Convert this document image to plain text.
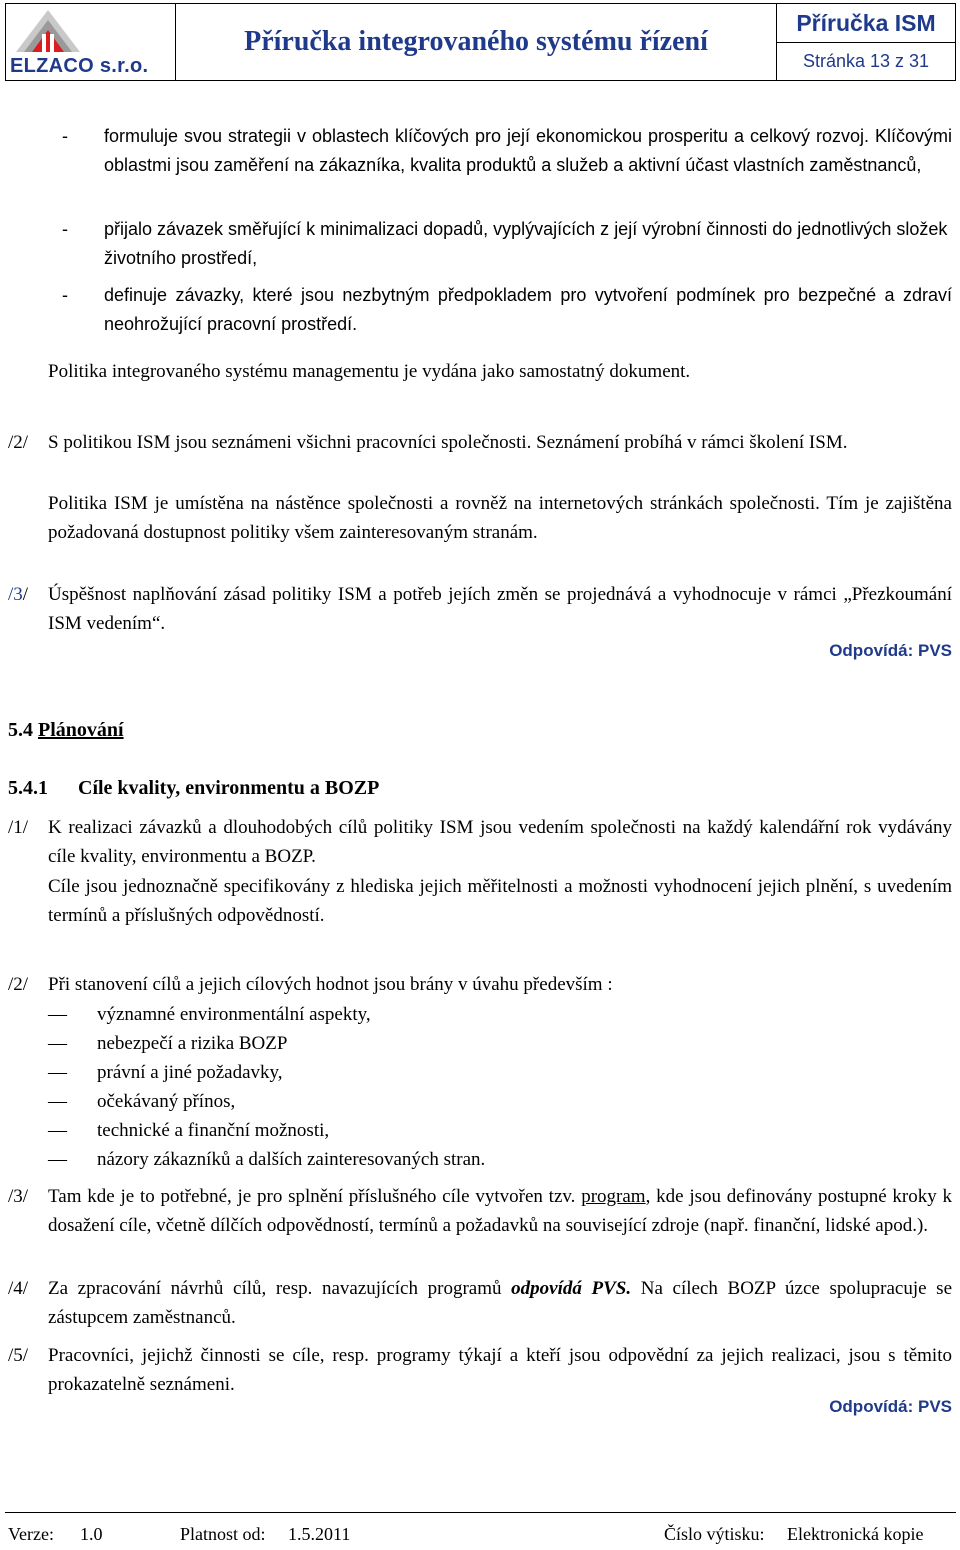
ELZACO s.r.o.
Příručka integrovaného systému řízení
Příručka ISM
Stránka 13 z 31
- formuluje svou strategii v oblastech klíčových pro její ekonomickou prosperitu a celkový rozvoj. Klíčovými oblastmi jsou zaměření na zákazníka, kvalita produktů a služeb a aktivní účast vlastních zaměstnanců,
- přijalo závazek směřující k minimalizaci dopadů, vyplývajících z její výrobní činnosti do jednotlivých složek životního prostředí,
- definuje závazky, které jsou nezbytným předpokladem pro vytvoření podmínek pro bezpečné a zdraví neohrožující pracovní prostředí.
Politika integrovaného systému managementu je vydána jako samostatný dokument.
/2/ S politikou ISM jsou seznámeni všichni pracovníci společnosti. Seznámení probíhá v rámci školení ISM.
Politika ISM je umístěna na nástěnce společnosti a rovněž na internetových stránkách společnosti. Tím je zajištěna požadovaná dostupnost politiky všem zainteresovaným stranám.
/3/ Úspěšnost naplňování zásad politiky ISM a potřeb jejích změn se projednává a vyhodnocuje v rámci „Přezkoumání ISM vedením“.
Odpovídá: PVS
5.4 Plánování
5.4.1 Cíle kvality, environmentu a BOZP
/1/ K realizaci závazků a dlouhodobých cílů politiky ISM jsou vedením společnosti na každý kalendářní rok vydávány cíle kvality, environmentu a BOZP.
Cíle jsou jednoznačně specifikovány z hlediska jejich měřitelnosti a možnosti vyhodnocení jejich plnění, s uvedením termínů a příslušných odpovědností.
/2/ Při stanovení cílů a jejich cílových hodnot jsou brány v úvahu především :
— významné environmentální aspekty,
— nebezpečí a rizika BOZP
— právní a jiné požadavky,
— očekávaný přínos,
— technické a finanční možnosti,
— názory zákazníků a dalších zainteresovaných stran.
/3/ Tam kde je to potřebné, je pro splnění příslušného cíle vytvořen tzv. program, kde jsou definovány postupné kroky k dosažení cíle, včetně dílčích odpovědností, termínů a požadavků na související zdroje (např. finanční, lidské apod.).
/4/ Za zpracování návrhů cílů, resp. navazujících programů odpovídá PVS. Na cílech BOZP úzce spolupracuje se zástupcem zaměstnanců.
/5/ Pracovníci, jejichž činnosti se cíle, resp. programy týkají a kteří jsou odpovědní za jejich realizaci, jsou s těmito prokazatelně seznámeni.
Odpovídá: PVS
Verze: 1.0	Platnost od: 1.5.2011	Číslo výtisku: Elektronická kopie
